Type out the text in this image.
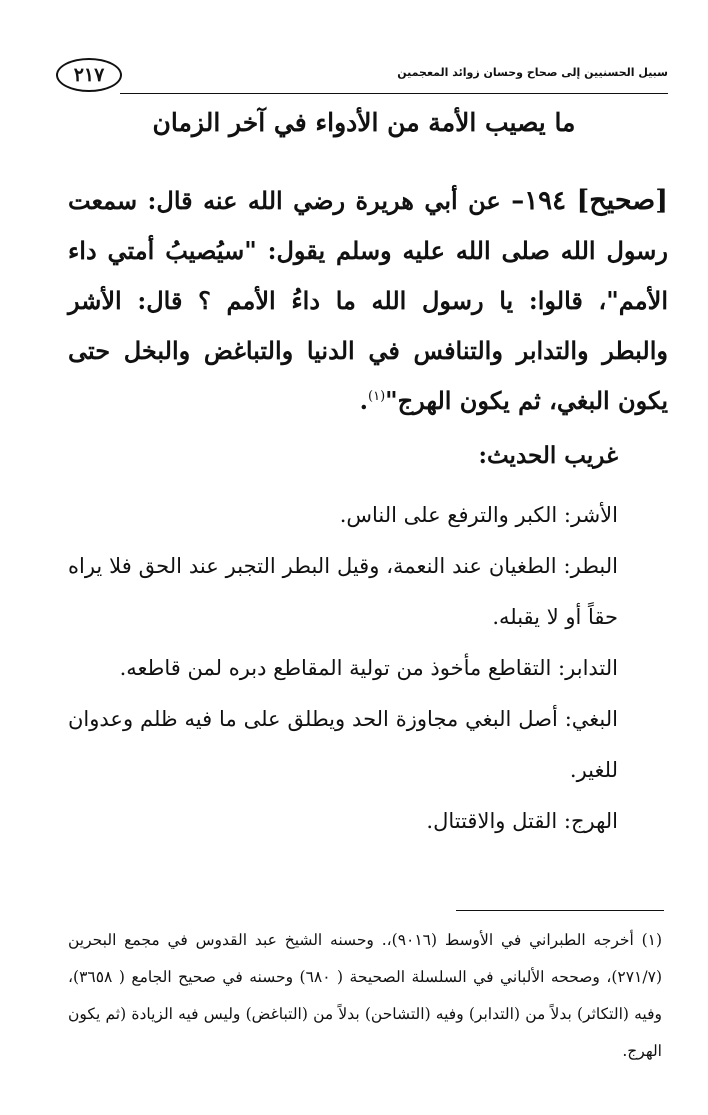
٢١٧	سبيل الحسنيين إلى صحاح وحسان زوائد المعجمين
ما يصيب الأمة من الأدواء في آخر الزمان
[صحيح] ١٩٤– عن أبي هريرة رضي الله عنه قال: سمعت رسول الله صلى الله عليه وسلم يقول: "سيُصيبُ أمتي داء الأمم"، قالوا: يا رسول الله ما داءُ الأمم ؟ قال: الأشر والبطر والتدابر والتنافس في الدنيا والتباغض والبخل حتى يكون البغي، ثم يكون الهرج"$^{(١)}$.
غريب الحديث:

الأشر: الكبر والترفع على الناس.

البطر: الطغيان عند النعمة، وقيل البطر التجبر عند الحق فلا يراه حقاً أو لا يقبله.

التدابر: التقاطع مأخوذ من تولية المقاطع دبره لمن قاطعه.

البغي: أصل البغي مجاوزة الحد ويطلق على ما فيه ظلم وعدوان للغير.

الهرج: القتل والاقتتال.

(١) أخرجه الطبراني في الأوسط (٩٠١٦)،. وحسنه الشيخ عبد القدوس في مجمع البحرين (٢٧١/٧)، وصححه الألباني في السلسلة الصحيحة ( ٦٨٠) وحسنه في صحيح الجامع ( ٣٦٥٨)، وفيه (التكاثر) بدلاً من (التدابر) وفيه (التشاحن) بدلاً من (التباغض) وليس فيه الزيادة (ثم يكون الهرج.
